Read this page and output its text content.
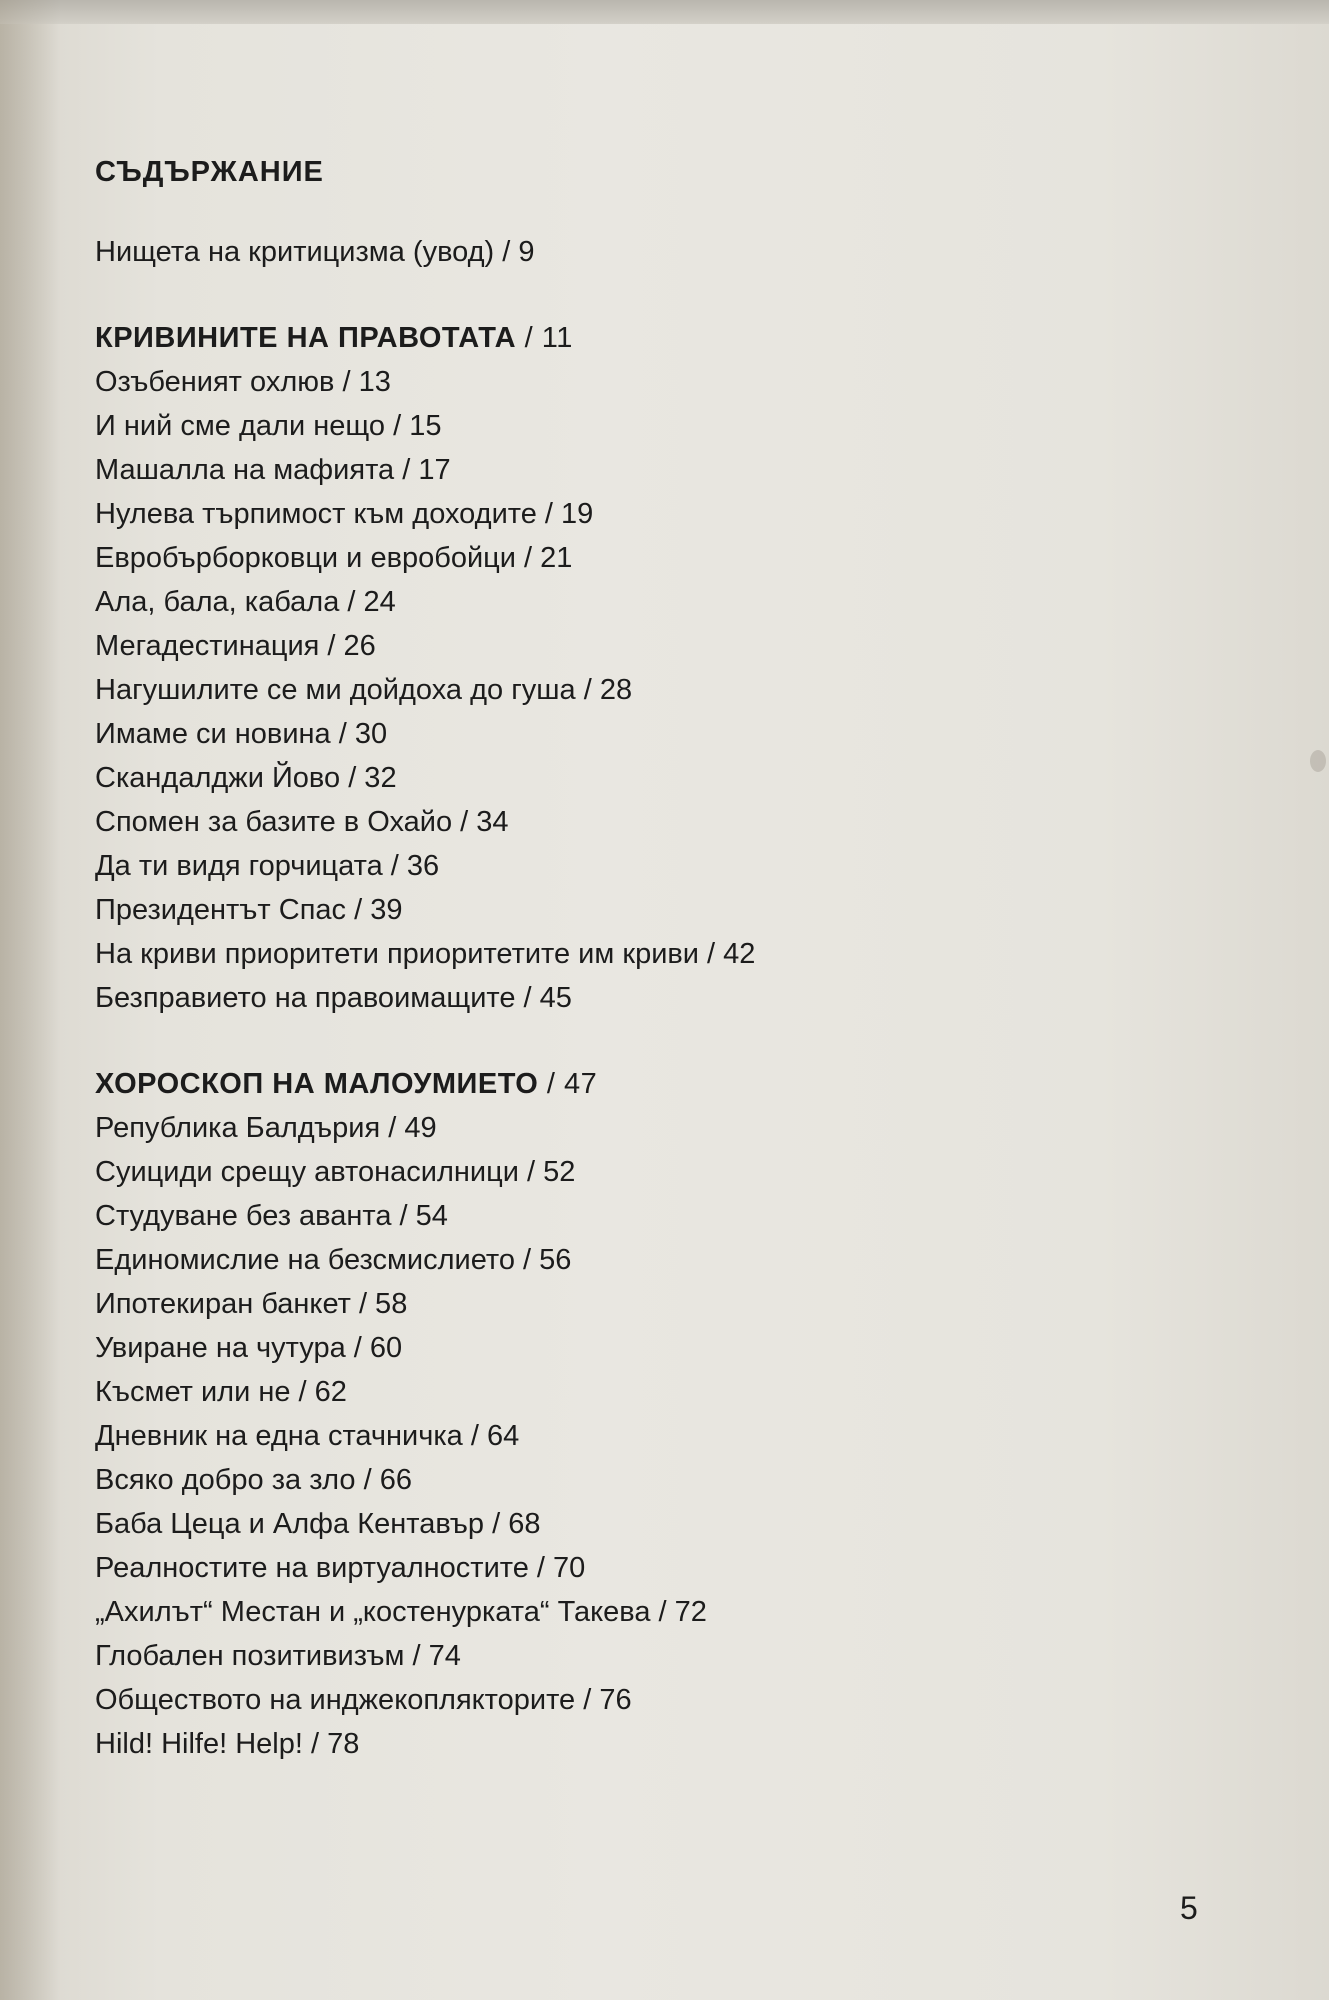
СЪДЪРЖАНИЕ
Нищета на критицизма (увод) / 9
КРИВИНИТЕ НА ПРАВОТАТА / 11
Озъбеният охлюв / 13
И ний сме дали нещо / 15
Машалла на мафията / 17
Нулева търпимост към доходите / 19
Евробърборковци и евробойци / 21
Ала, бала, кабала / 24
Мегадестинация / 26
Нагушилите се ми дойдоха до гуша / 28
Имаме си новина / 30
Скандалджи Йово / 32
Спомен за базите в Охайо / 34
Да ти видя горчицата / 36
Президентът Спас / 39
На криви приоритети приоритетите им криви / 42
Безправието на правоимащите / 45
ХОРОСКОП НА МАЛОУМИЕТО / 47
Република Балдърия / 49
Суициди срещу автонасилници / 52
Студуване без аванта / 54
Единомислие на безсмислието / 56
Ипотекиран банкет / 58
Увиране на чутура / 60
Късмет или не / 62
Дневник на една стачничка / 64
Всяко добро за зло / 66
Баба Цеца и Алфа Кентавър / 68
Реалностите на виртуалностите / 70
„Ахилът“ Местан и „костенурката“ Такева / 72
Глобален позитивизъм / 74
Обществото на инджекоплякторите / 76
Hild! Hilfe! Help! / 78
5
